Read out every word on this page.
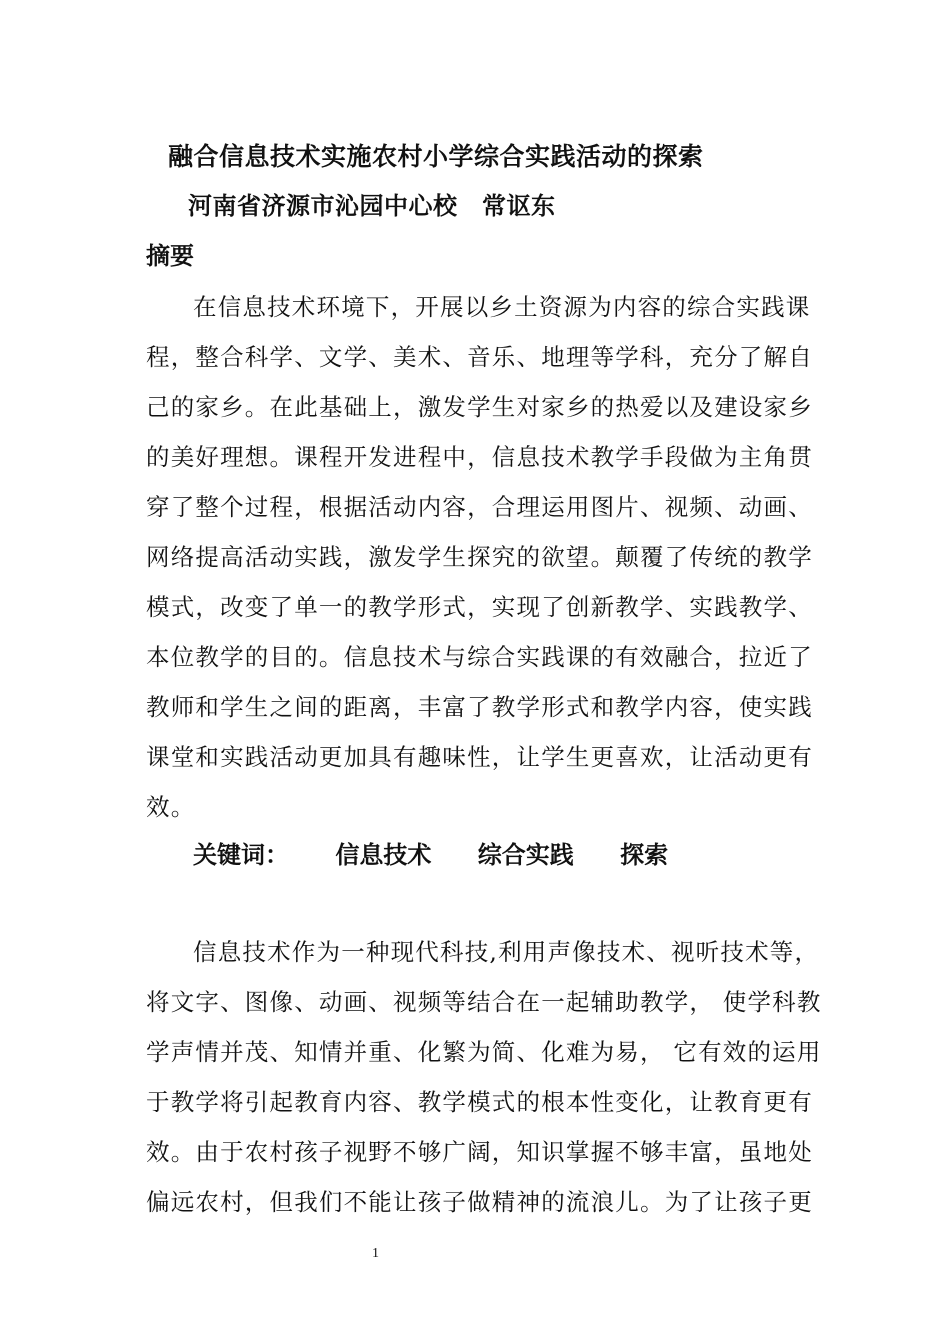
融合信息技术实施农村小学综合实践活动的探索
河南省济源市沁园中心校　常讴东
摘要
在信息技术环境下，开展以乡土资源为内容的综合实践课
程，整合科学、文学、美术、音乐、地理等学科，充分了解自
己的家乡。在此基础上，激发学生对家乡的热爱以及建设家乡
的美好理想。课程开发进程中，信息技术教学手段做为主角贯
穿了整个过程，根据活动内容，合理运用图片、视频、动画、
网络提高活动实践，激发学生探究的欲望。颠覆了传统的教学
模式，改变了单一的教学形式，实现了创新教学、实践教学、
本位教学的目的。信息技术与综合实践课的有效融合，拉近了
教师和学生之间的距离，丰富了教学形式和教学内容，使实践
课堂和实践活动更加具有趣味性，让学生更喜欢，让活动更有
效。
关键词： 信息技术 综合实践 探索
信息技术作为一种现代科技,利用声像技术、视听技术等，
将文字、图像、动画、视频等结合在一起辅助教学， 使学科教
学声情并茂、知情并重、化繁为简、化难为易， 它有效的运用
于教学将引起教育内容、教学模式的根本性变化，让教育更有
效。由于农村孩子视野不够广阔，知识掌握不够丰富，虽地处
偏远农村，但我们不能让孩子做精神的流浪儿。为了让孩子更
1
